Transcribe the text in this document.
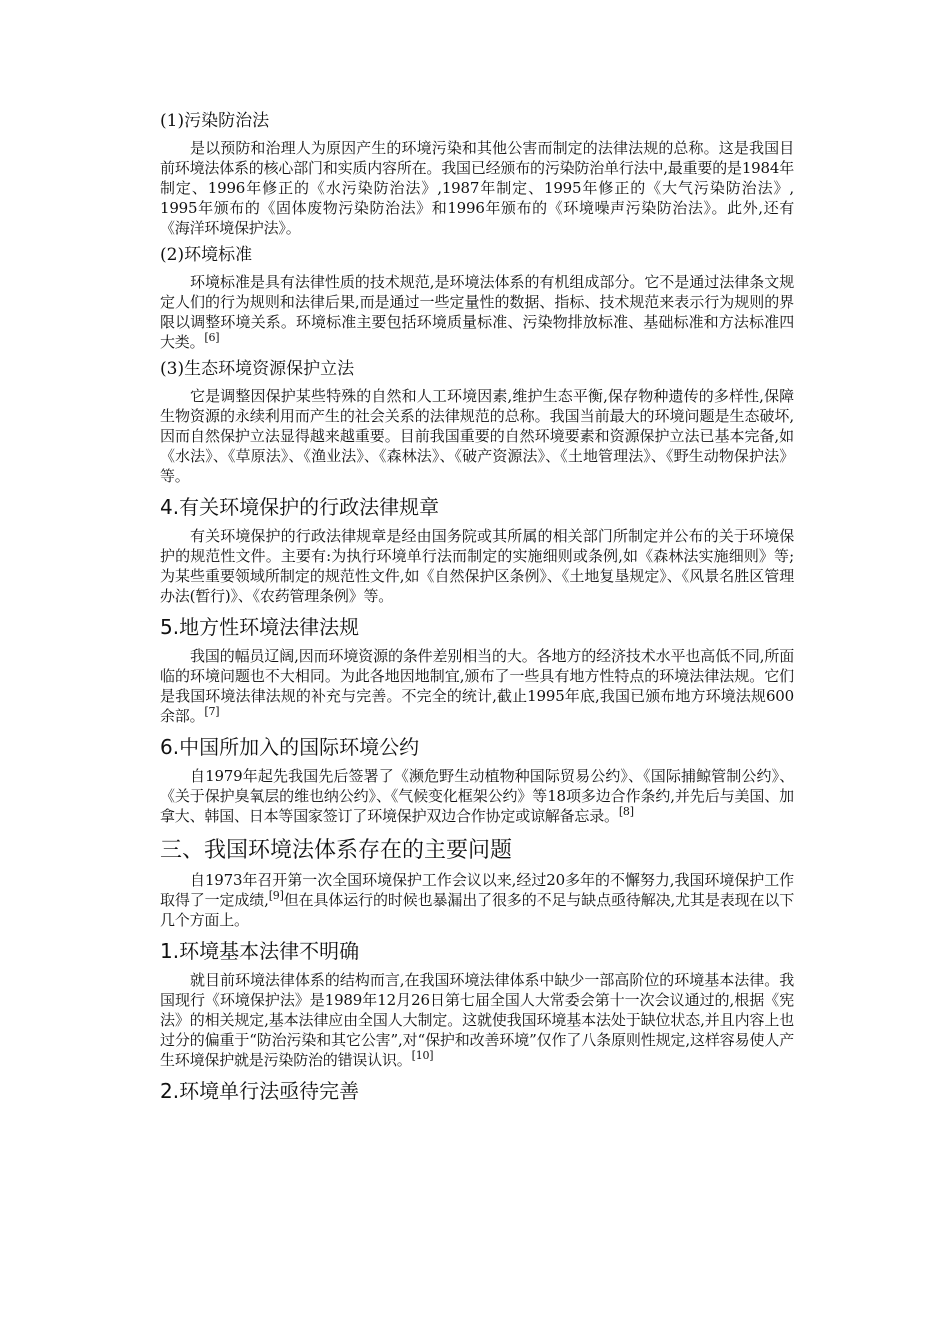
(1)污染防治法

是以预防和治理人为原因产生的环境污染和其他公害而制定的法律法规的总称。这是我国目前环境法体系的核心部门和实质内容所在。我国已经颁布的污染防治单行法中,最重要的是1984年制定、1996年修正的《水污染防治法》,1987年制定、1995年修正的《大气污染防治法》, 1995年颁布的《固体废物污染防治法》和1996年颁布的《环境噪声污染防治法》。此外,还有《海洋环境保护法》。

(2)环境标准

环境标准是具有法律性质的技术规范,是环境法体系的有机组成部分。它不是通过法律条文规定人们的行为规则和法律后果,而是通过一些定量性的数据、指标、技术规范来表示行为规则的界限以调整环境关系。环境标准主要包括环境质量标准、污染物排放标准、基础标准和方法标准四大类。[6]

(3)生态环境资源保护立法

它是调整因保护某些特殊的自然和人工环境因素,维护生态平衡,保存物种遗传的多样性,保障生物资源的永续利用而产生的社会关系的法律规范的总称。我国当前最大的环境问题是生态破坏,因而自然保护立法显得越来越重要。目前我国重要的自然环境要素和资源保护立法已基本完备,如《水法》、《草原法》、《渔业法》、《森林法》、《破产资源法》、《土地管理法》、《野生动物保护法》等。

4.有关环境保护的行政法律规章

有关环境保护的行政法律规章是经由国务院或其所属的相关部门所制定并公布的关于环境保护的规范性文件。主要有:为执行环境单行法而制定的实施细则或条例,如《森林法实施细则》等;为某些重要领域所制定的规范性文件,如《自然保护区条例》、《土地复垦规定》、《风景名胜区管理办法(暂行)》、《农药管理条例》等。

5.地方性环境法律法规

我国的幅员辽阔,因而环境资源的条件差别相当的大。各地方的经济技术水平也高低不同,所面临的环境问题也不大相同。为此各地因地制宜,颁布了一些具有地方性特点的环境法律法规。它们是我国环境法律法规的补充与完善。不完全的统计,截止1995年底,我国已颁布地方环境法规600余部。[7]

6.中国所加入的国际环境公约

自1979年起先我国先后签署了《濒危野生动植物种国际贸易公约》、《国际捕鲸管制公约》、《关于保护臭氧层的维也纳公约》、《气候变化框架公约》等18项多边合作条约,并先后与美国、加拿大、韩国、日本等国家签订了环境保护双边合作协定或谅解备忘录。[8]

三、我国环境法体系存在的主要问题

自1973年召开第一次全国环境保护工作会议以来,经过20多年的不懈努力,我国环境保护工作取得了一定成绩,[9]但在具体运行的时候也暴漏出了很多的不足与缺点亟待解决,尤其是表现在以下几个方面上。

1.环境基本法律不明确

就目前环境法律体系的结构而言,在我国环境法律体系中缺少一部高阶位的环境基本法律。我国现行《环境保护法》是1989年12月26日第七届全国人大常委会第十一次会议通过的,根据《宪法》的相关规定,基本法律应由全国人大制定。这就使我国环境基本法处于缺位状态,并且内容上也过分的偏重于“防治污染和其它公害”,对“保护和改善环境”仅作了八条原则性规定,这样容易使人产生环境保护就是污染防治的错误认识。[10]

2.环境单行法亟待完善
